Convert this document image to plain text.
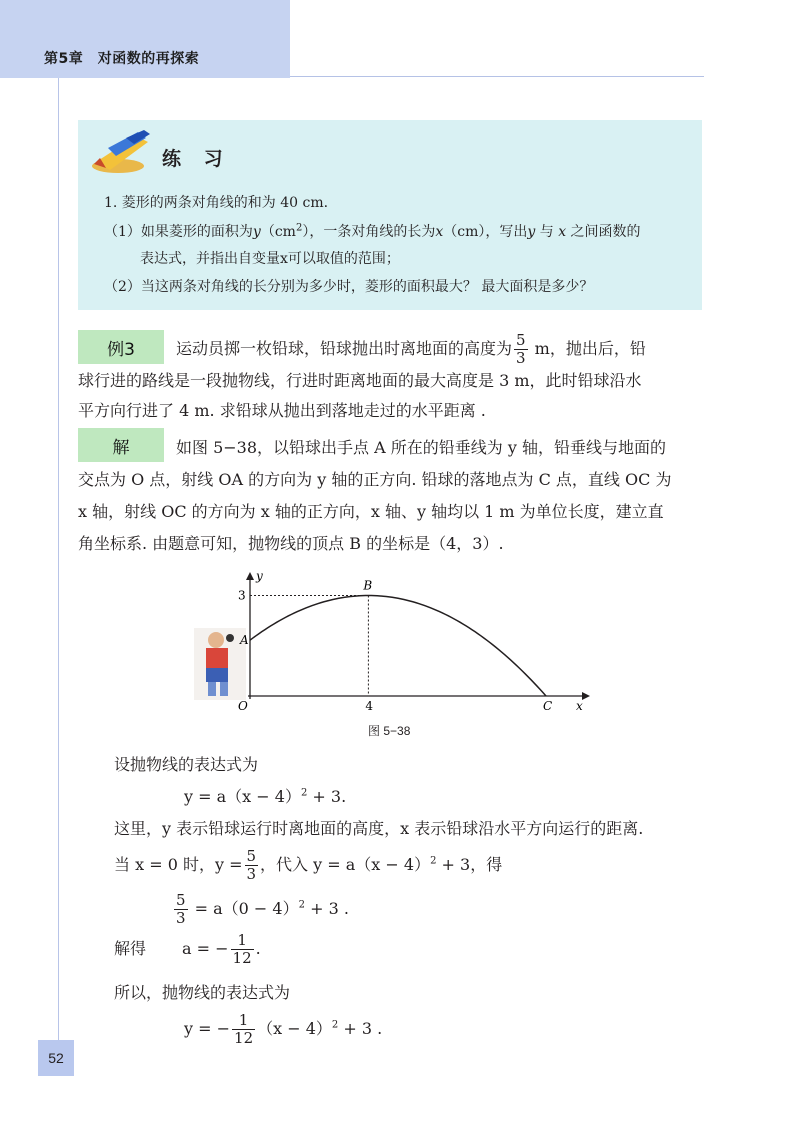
第5章　对函数的再探索
练 习
1. 菱形的两条对角线的和为 40 cm.
（1）如果菱形的面积为$y(cm^2)$，一条对角线的长为x（cm），写出y 与 x 之间函数的
表达式，并指出自变量x可以取值的范围；
（2）当这两条对角线的长分别为多少时，菱形的面积最大？ 最大面积是多少？
例3	运动员掷一枚铅球，铅球抛出时离地面的高度为 $\frac{5}{3}$ m，抛出后，铅
球行进的路线是一段抛物线，行进时距离地面的最大高度是 3 m，此时铅球沿水
平方向行进了 4 m. 求铅球从抛出到落地走过的水平距离 .
解	如图 5−38，以铅球出手点 A 所在的铅垂线为 y 轴，铅垂线与地面的
交点为 O 点，射线 OA 的方向为 y 轴的正方向. 铅球的落地点为 C 点，直线 OC 为
x 轴，射线 OC 的方向为 x 轴的正方向，x 轴、y 轴均以 1 m 为单位长度，建立直
角坐标系. 由题意可知，抛物线的顶点 B 的坐标是（4，3）.
y
x
O
A
B
C
3
4
图 5−38
设抛物线的表达式为
$y = a(x - 4)^2 + 3$.
这里，y 表示铅球运行时离地面的高度，x 表示铅球沿水平方向运行的距离.
当 x = 0 时，$y = \frac{5}{3}$ ，代入 $y = a(x - 4)^2 + 3$，得
$\frac{5}{3} = a(0 - 4)^2 + 3$ .
解得 a = − $\frac{1}{12}$ .
所以，抛物线的表达式为
y = − $\frac{1}{12} (x - 4)^2 + 3$ .
52
